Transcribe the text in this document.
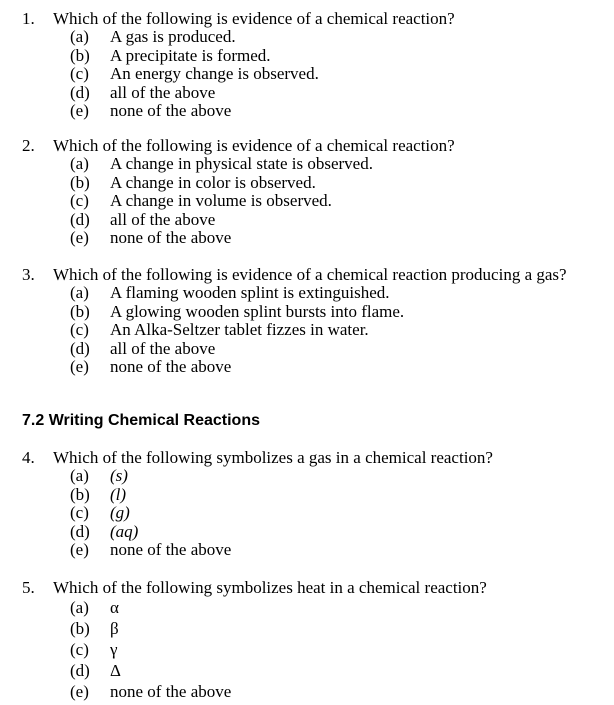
1. Which of the following is evidence of a chemical reaction?
(a) A gas is produced.
(b) A precipitate is formed.
(c) An energy change is observed.
(d) all of the above
(e) none of the above
2. Which of the following is evidence of a chemical reaction?
(a) A change in physical state is observed.
(b) A change in color is observed.
(c) A change in volume is observed.
(d) all of the above
(e) none of the above
3. Which of the following is evidence of a chemical reaction producing a gas?
(a) A flaming wooden splint is extinguished.
(b) A glowing wooden splint bursts into flame.
(c) An Alka-Seltzer tablet fizzes in water.
(d) all of the above
(e) none of the above
7.2 Writing Chemical Reactions
4. Which of the following symbolizes a gas in a chemical reaction?
(a) (s)
(b) (l)
(c) (g)
(d) (aq)
(e) none of the above
5. Which of the following symbolizes heat in a chemical reaction?
(a) α
(b) β
(c) γ
(d) Δ
(e) none of the above
